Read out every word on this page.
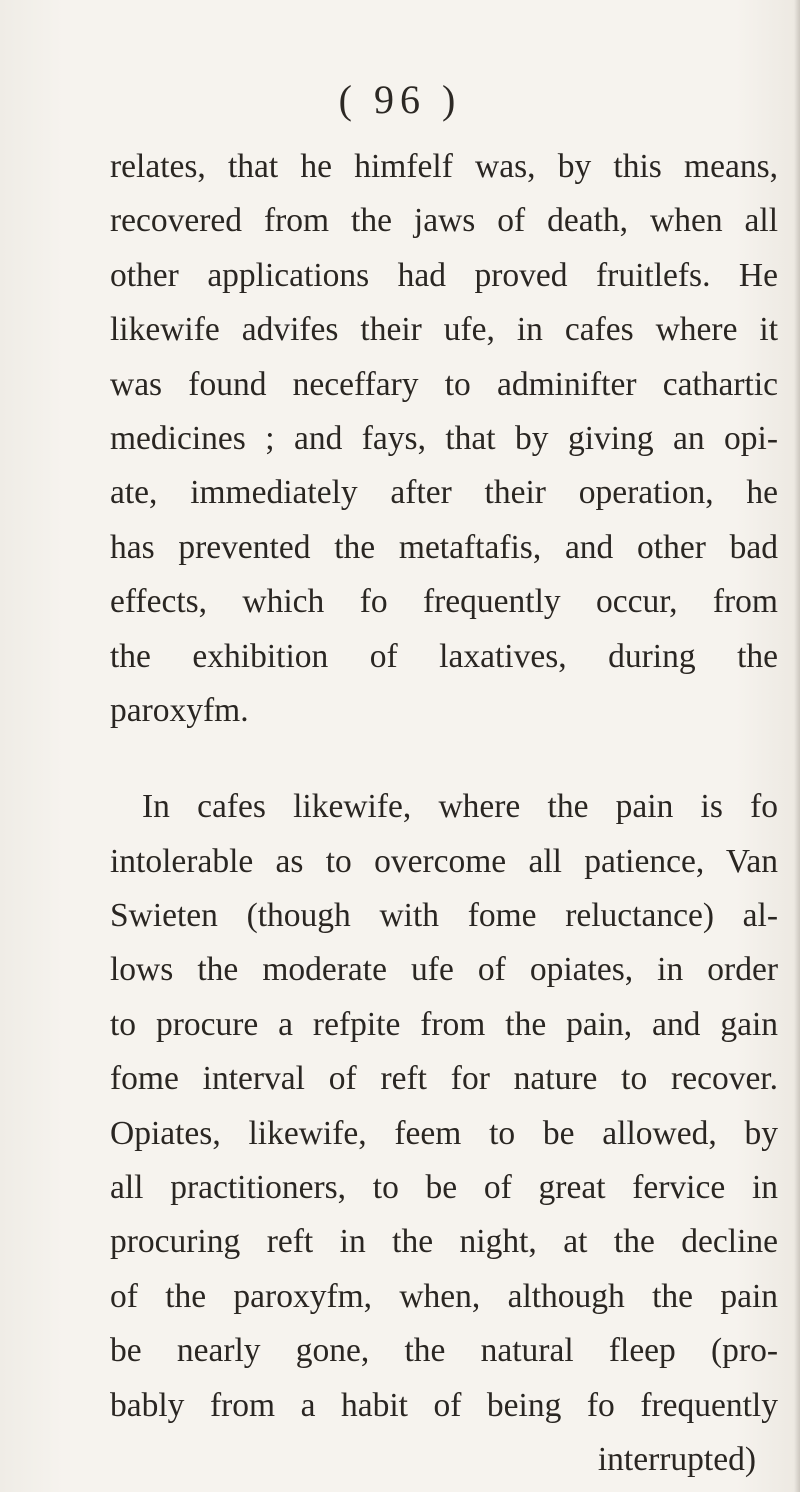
( 96 )
relates, that he himfelf was, by this means,
recovered from the jaws of death, when all
other applications had proved fruitlefs. He
likewife advifes their ufe, in cafes where it
was found neceffary to adminifter cathartic
medicines ; and fays, that by giving an opi-
ate, immediately after their operation, he
has prevented the metaftafis, and other bad
effects, which fo frequently occur, from
the exhibition of laxatives, during the
paroxyfm.
In cafes likewife, where the pain is fo
intolerable as to overcome all patience, Van
Swieten (though with fome reluctance) al-
lows the moderate ufe of opiates, in order
to procure a refpite from the pain, and gain
fome interval of reft for nature to recover.
Opiates, likewife, feem to be allowed, by
all practitioners, to be of great fervice in
procuring reft in the night, at the decline
of the paroxyfm, when, although the pain
be nearly gone, the natural fleep (pro-
bably from a habit of being fo frequently
interrupted)
